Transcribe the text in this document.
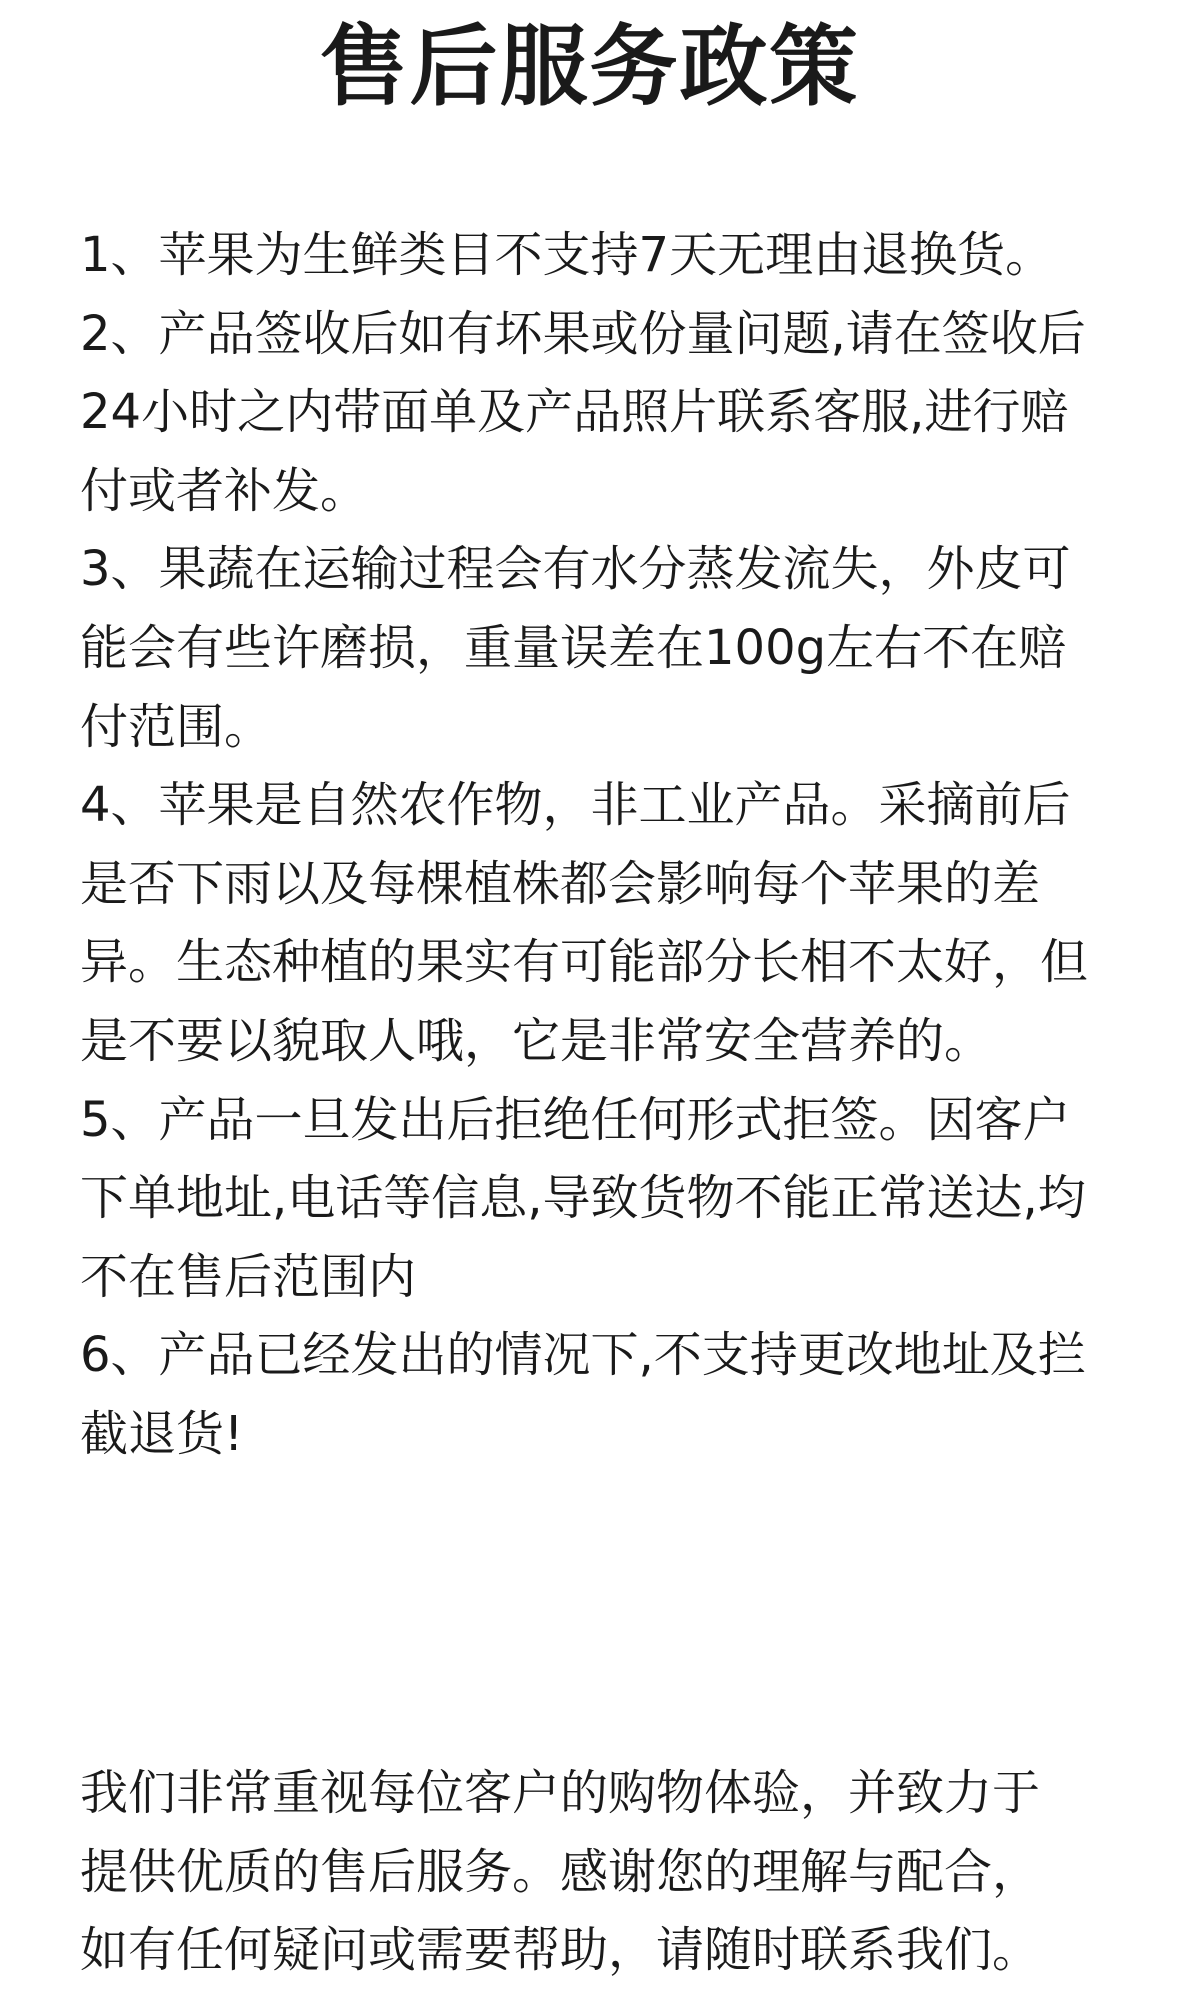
售后服务政策

1、苹果为生鲜类目不支持7天无理由退换货。

2、产品签收后如有坏果或份量问题,请在签收后24小时之内带面单及产品照片联系客服,进行赔付或者补发。

3、果蔬在运输过程会有水分蒸发流失，外皮可能会有些许磨损，重量误差在100g左右不在赔付范围。

4、苹果是自然农作物，非工业产品。采摘前后是否下雨以及每棵植株都会影响每个苹果的差异。生态种植的果实有可能部分长相不太好，但是不要以貌取人哦，它是非常安全营养的。

5、产品一旦发出后拒绝任何形式拒签。因客户下单地址,电话等信息,导致货物不能正常送达,均不在售后范围内

6、产品已经发出的情况下,不支持更改地址及拦截退货!

我们非常重视每位客户的购物体验，并致力于提供优质的售后服务。感谢您的理解与配合，如有任何疑问或需要帮助，请随时联系我们。
